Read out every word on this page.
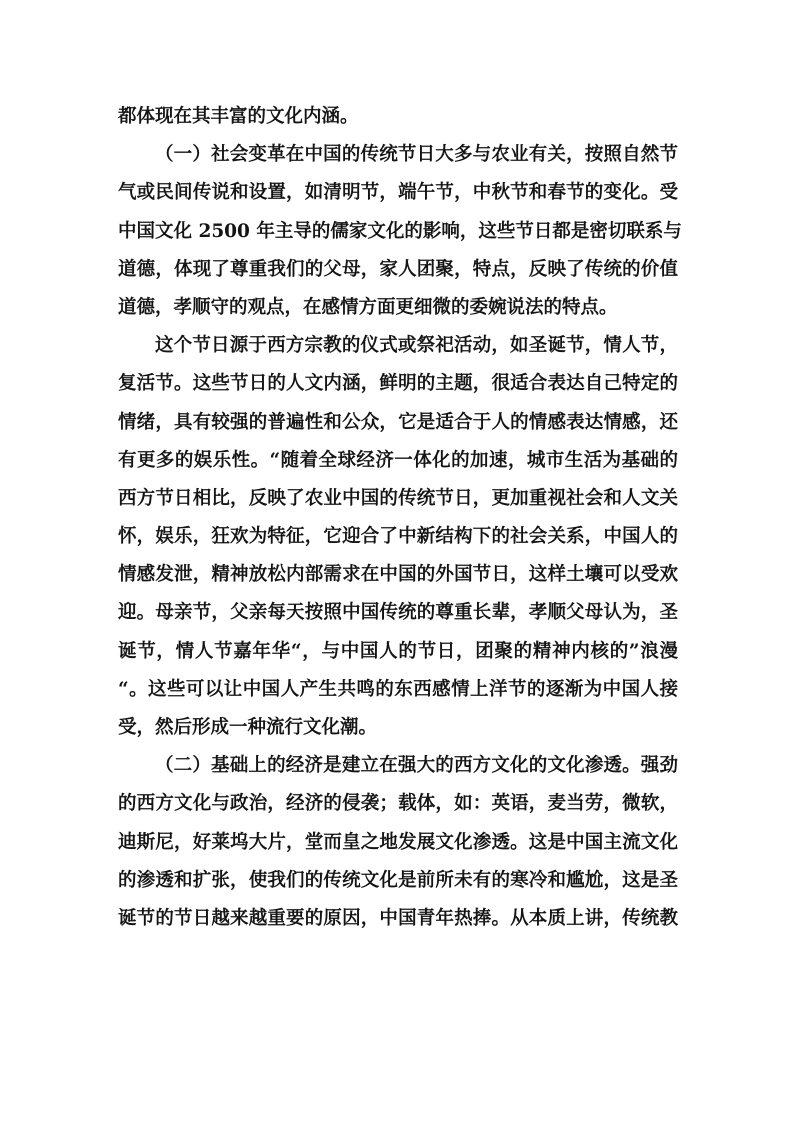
都体现在其丰富的文化内涵。
（一）社会变革在中国的传统节日大多与农业有关，按照自然节
气或民间传说和设置，如清明节，端午节，中秋节和春节的变化。受
中国文化 2500 年主导的儒家文化的影响，这些节日都是密切联系与
道德，体现了尊重我们的父母，家人团聚，特点，反映了传统的价值
道德，孝顺守的观点，在感情方面更细微的委婉说法的特点。
这个节日源于西方宗教的仪式或祭祀活动，如圣诞节，情人节，
复活节。这些节日的人文内涵，鲜明的主题，很适合表达自己特定的
情绪，具有较强的普遍性和公众，它是适合于人的情感表达情感，还
有更多的娱乐性。“随着全球经济一体化的加速，城市生活为基础的
西方节日相比，反映了农业中国的传统节日，更加重视社会和人文关
怀，娱乐，狂欢为特征，它迎合了中新结构下的社会关系，中国人的
情感发泄，精神放松内部需求在中国的外国节日，这样土壤可以受欢
迎。母亲节，父亲每天按照中国传统的尊重长辈，孝顺父母认为，圣
诞节，情人节嘉年华“，与中国人的节日，团聚的精神内核的”浪漫
“。这些可以让中国人产生共鸣的东西感情上洋节的逐渐为中国人接
受，然后形成一种流行文化潮。
（二）基础上的经济是建立在强大的西方文化的文化渗透。强劲
的西方文化与政治，经济的侵袭；载体，如：英语，麦当劳，微软，
迪斯尼，好莱坞大片，堂而皇之地发展文化渗透。这是中国主流文化
的渗透和扩张，使我们的传统文化是前所未有的寒冷和尴尬，这是圣
诞节的节日越来越重要的原因，中国青年热捧。从本质上讲，传统教
